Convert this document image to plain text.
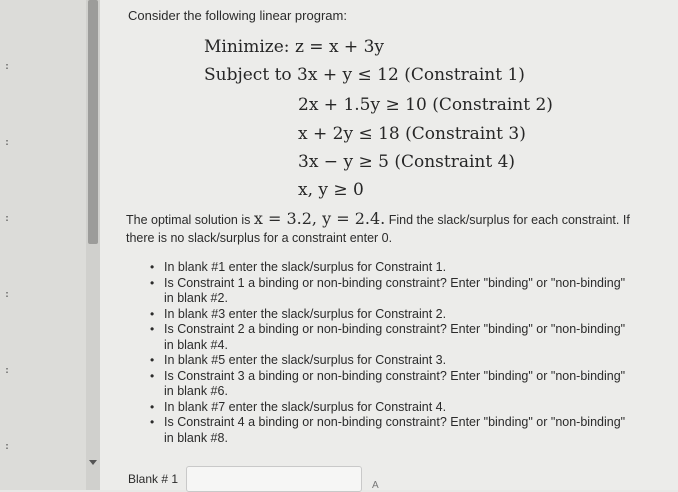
:
:
:
:
:
:

Consider the following linear program:

Minimize: z = x + 3y
Subject to 3x + y ≤ 12 (Constraint 1)
2x + 1.5y ≥ 10 (Constraint 2)
x + 2y ≤ 18 (Constraint 3)
3x − y ≥ 5 (Constraint 4)
x, y ≥ 0

The optimal solution is x = 3.2, y = 2.4. Find the slack/surplus for each constraint. If there is no slack/surplus for a constraint enter 0.

• In blank #1 enter the slack/surplus for Constraint 1.
• Is Constraint 1 a binding or non-binding constraint? Enter "binding" or "non-binding" in blank #2.
• In blank #3 enter the slack/surplus for Constraint 2.
• Is Constraint 2 a binding or non-binding constraint? Enter "binding" or "non-binding" in blank #4.
• In blank #5 enter the slack/surplus for Constraint 3.
• Is Constraint 3 a binding or non-binding constraint? Enter "binding" or "non-binding" in blank #6.
• In blank #7 enter the slack/surplus for Constraint 4.
• Is Constraint 4 a binding or non-binding constraint? Enter "binding" or "non-binding" in blank #8.
Blank # 1	A
